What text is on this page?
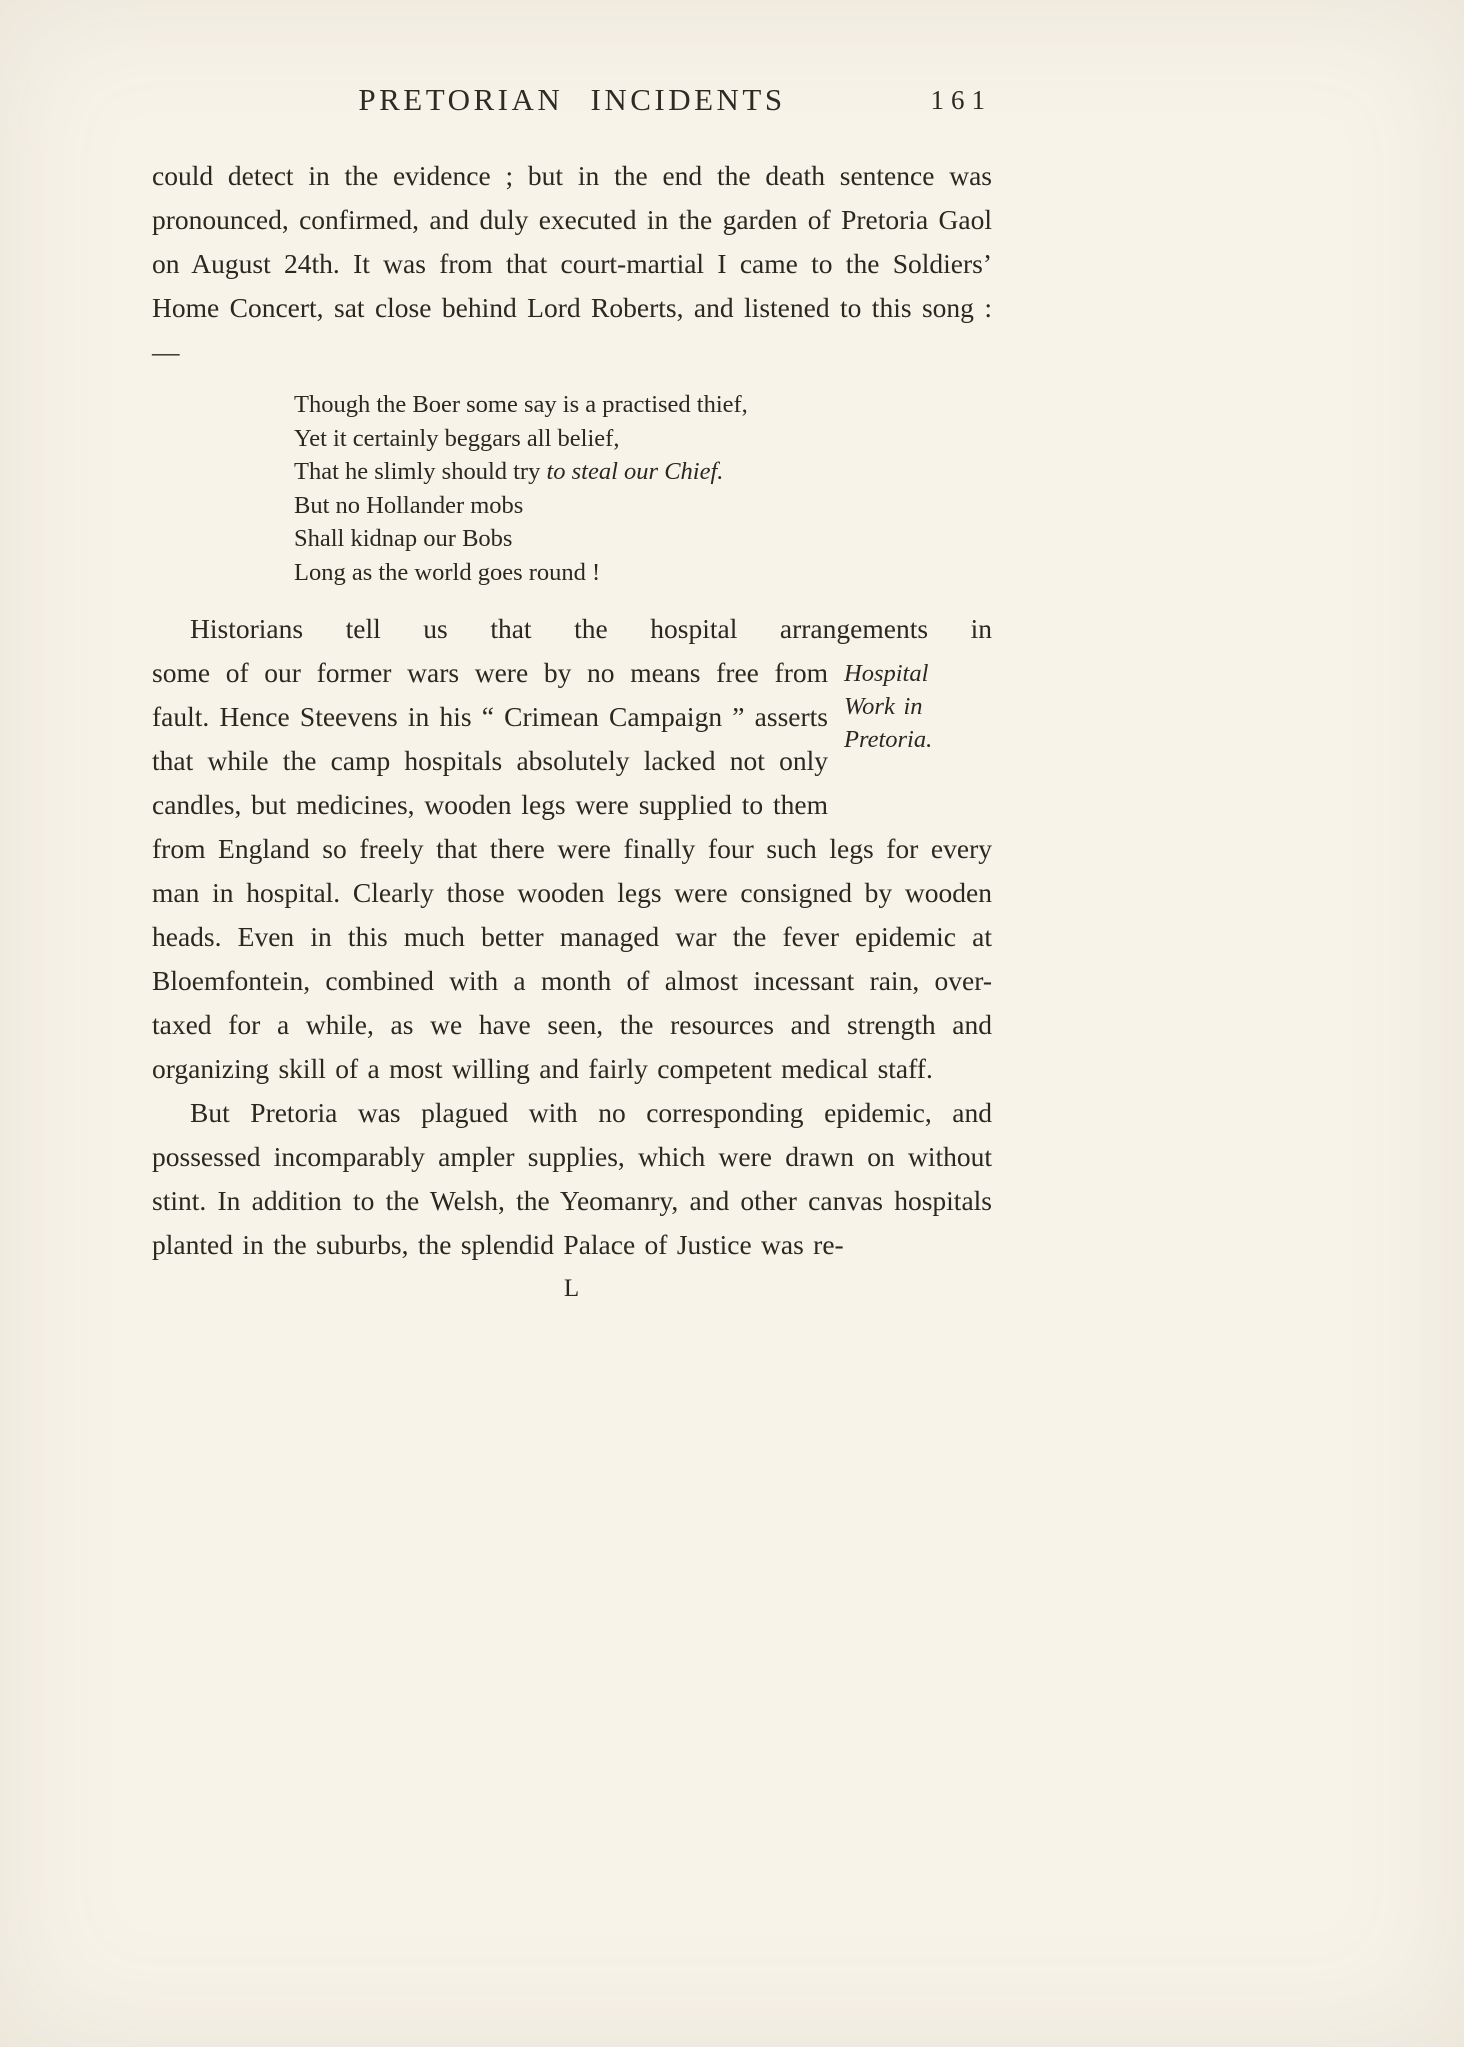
PRETORIAN INCIDENTS	161

could detect in the evidence ; but in the end the death sentence was pronounced, confirmed, and duly executed in the garden of Pretoria Gaol on August 24th. It was from that court-martial I came to the Soldiers’ Home Concert, sat close behind Lord Roberts, and listened to this song :—

Though the Boer some say is a practised thief,
Yet it certainly beggars all belief,
That he slimly should try to steal our Chief.
But no Hollander mobs
Shall kidnap our Bobs
Long as the world goes round !
Historians tell us that the hospital arrangements in

Hospital
Work in
Pretoria.
some of our former wars were by no means free from fault. Hence Steevens in his “ Crimean Campaign ” asserts that while the camp hospitals absolutely lacked not only candles, but medicines, wooden legs were supplied to them from England so freely that there were finally four such legs for every man in hospital. Clearly those wooden legs were consigned by wooden heads. Even in this much better managed war the fever epidemic at Bloemfontein, combined with a month of almost incessant rain, over-taxed for a while, as we have seen, the resources and strength and organizing skill of a most willing and fairly competent medical staff.

But Pretoria was plagued with no corresponding epidemic, and possessed incomparably ampler supplies, which were drawn on without stint. In addition to the Welsh, the Yeomanry, and other canvas hospitals planted in the suburbs, the splendid Palace of Justice was re-

L
